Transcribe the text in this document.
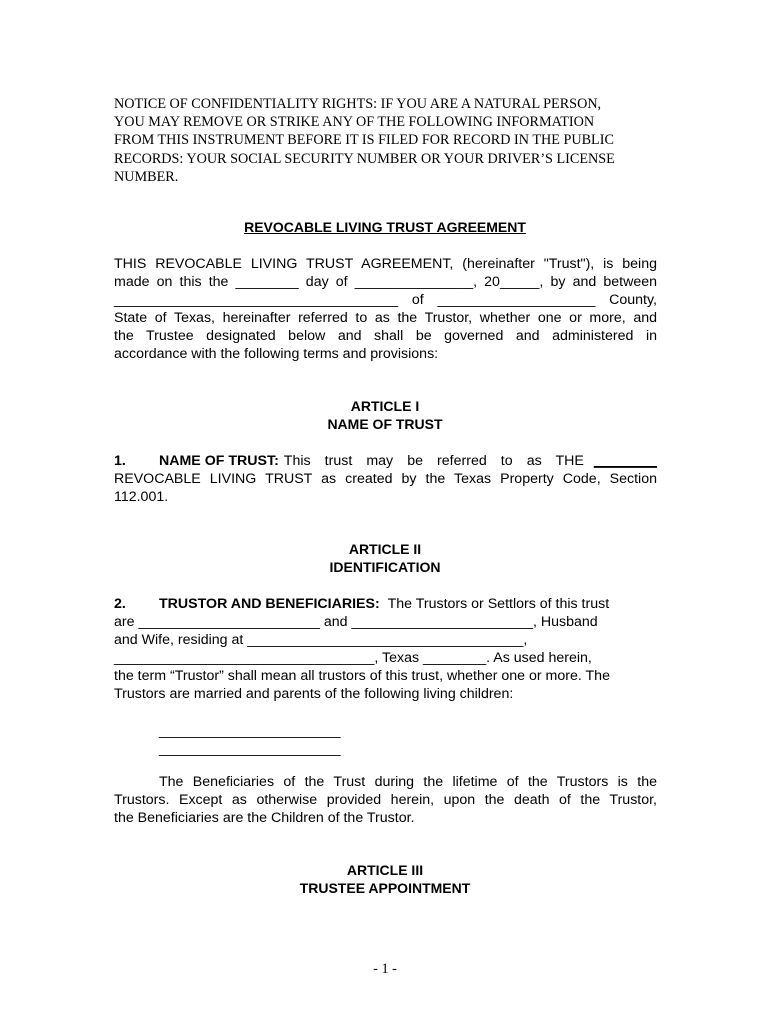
NOTICE OF CONFIDENTIALITY RIGHTS: IF YOU ARE A NATURAL PERSON,
YOU MAY REMOVE OR STRIKE ANY OF THE FOLLOWING INFORMATION
FROM THIS INSTRUMENT BEFORE IT IS FILED FOR RECORD IN THE PUBLIC
RECORDS: YOUR SOCIAL SECURITY NUMBER OR YOUR DRIVER’S LICENSE
NUMBER.
REVOCABLE LIVING TRUST AGREEMENT
THIS REVOCABLE LIVING TRUST AGREEMENT, (hereinafter "Trust"), is being
made on this the ________ day of _______________, 20_____, by and between
____________________________________ of ____________________ County,
State of Texas, hereinafter referred to as the Trustor, whether one or more, and
the Trustee designated below and shall be governed and administered in
accordance with the following terms and provisions:
ARTICLE I
NAME OF TRUST
1. NAME OF TRUST: This trust may be referred to as THE ________
REVOCABLE LIVING TRUST as created by the Texas Property Code, Section
112.001.
ARTICLE II
IDENTIFICATION
2. TRUSTOR AND BENEFICIARIES: The Trustors or Settlors of this trust
are _______________________ and _______________________, Husband
and Wife, residing at ___________________________________,
_________________________________, Texas ________. As used herein,
the term “Trustor” shall mean all trustors of this trust, whether one or more. The
Trustors are married and parents of the following living children:
_______________________
_______________________
The Beneficiaries of the Trust during the lifetime of the Trustors is the
Trustors. Except as otherwise provided herein, upon the death of the Trustor,
the Beneficiaries are the Children of the Trustor.
ARTICLE III
TRUSTEE APPOINTMENT
- 1 -
